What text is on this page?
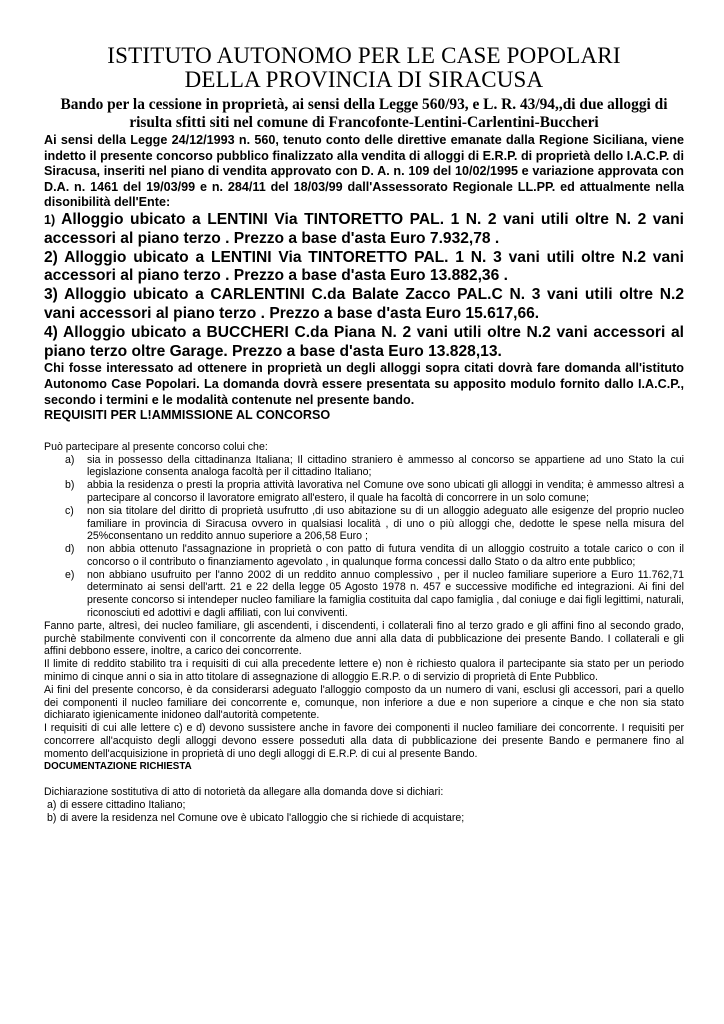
ISTITUTO AUTONOMO PER LE CASE POPOLARI
DELLA PROVINCIA DI SIRACUSA

Bando per la cessione in proprietà, ai sensi della Legge 560/93, e L. R. 43/94,,di due alloggi di risulta sfitti siti nel comune di Francofonte-Lentini-Carlentini-Buccheri

Ai sensi della Legge 24/12/1993 n. 560, tenuto conto delle direttive emanate dalla Regione Siciliana, viene indetto il presente concorso pubblico finalizzato alla vendita di alloggi di E.R.P. di proprietà dello I.A.C.P. di Siracusa, inseriti nel piano di vendita approvato con D. A. n. 109 del 10/02/1995 e variazione approvata con D.A. n. 1461 del 19/03/99 e n. 284/11 del 18/03/99 dall'Assessorato Regionale LL.PP. ed attualmente nella disonibilità dell'Ente:

1) Alloggio ubicato a LENTINI Via TINTORETTO PAL. 1 N. 2 vani utili oltre N. 2 vani accessori al piano terzo . Prezzo a base d'asta Euro 7.932,78 .

2) Alloggio ubicato a LENTINI Via TINTORETTO PAL. 1 N. 3 vani utili oltre N.2 vani accessori al piano terzo . Prezzo a base d'asta Euro 13.882,36 .

3) Alloggio ubicato a CARLENTINI C.da Balate Zacco PAL.C N. 3 vani utili oltre N.2 vani accessori al piano terzo . Prezzo a base d'asta Euro 15.617,66.

4) Alloggio ubicato a BUCCHERI C.da Piana N. 2 vani utili oltre N.2 vani accessori al piano terzo oltre Garage. Prezzo a base d'asta Euro 13.828,13.

Chi fosse interessato ad ottenere in proprietà un degli alloggi sopra citati dovrà fare domanda all'istituto Autonomo Case Popolari. La domanda dovrà essere presentata su apposito modulo fornito dallo I.A.C.P., secondo i termini e le modalità contenute nel presente bando.

REQUISITI PER L!AMMISSIONE AL CONCORSO

Può partecipare al presente concorso colui che:

a)	sia in possesso della cittadinanza Italiana; Il cittadino straniero è ammesso al concorso se appartiene ad uno Stato la cui legislazione consenta analoga facoltà per il cittadino Italiano;
b)	abbia la residenza o presti la propria attività lavorativa nel Comune ove sono ubicati gli alloggi in vendita; è ammesso altresì a partecipare al concorso il lavoratore emigrato all'estero, il quale ha facoltà di concorrere in un solo comune;
c)	non sia titolare del diritto di proprietà usufrutto ,di uso abitazione su di un alloggio adeguato alle esigenze del proprio nucleo familiare in provincia di Siracusa ovvero in qualsiasi località , di uno o più alloggi che, dedotte le spese nella misura del 25%consentano un reddito annuo superiore a 206,58 Euro ;
d)	non abbia ottenuto l'assagnazione in proprietà o con patto di futura vendita di un alloggio costruito a totale carico o con il concorso o il contributo o finanziamento agevolato , in qualunque forma concessi dallo Stato o da altro ente pubblico;
e)	non abbiano usufruito per l'anno 2002 di un reddito annuo complessivo , per il nucleo familiare superiore a Euro 11.762,71 determinato ai sensi dell'artt. 21 e 22 della legge 05 Agosto 1978 n. 457 e successive modifiche ed integrazioni. Ai fini del presente concorso si intendeper nucleo familiare la famiglia costituita dal capo famiglia , dal coniuge e dai figli legittimi, naturali, riconosciuti ed adottivi e dagli affiliati, con lui conviventi.

Fanno parte, altresì, dei nucleo familiare, gli ascendenti, i discendenti, i collaterali fino al terzo grado e gli affini fino al secondo grado, purchè stabilmente conviventi con il concorrente da almeno due anni alla data di pubblicazione dei presente Bando. I collaterali e gli affini debbono essere, inoltre, a carico dei concorrente.

Il limite di reddito stabilito tra i requisiti di cui alla precedente lettere e) non è richiesto qualora il partecipante sia stato per un periodo minimo di cinque anni o sia in atto titolare di assegnazione di alloggio E.R.P. o di servizio di proprietà di Ente Pubblico.

Ai fini del presente concorso, è da considerarsi adeguato l'alloggio composto da un numero di vani, esclusi gli accessori, pari a quello dei componenti il nucleo familiare dei concorrente e, comunque, non inferiore a due e non superiore a cinque e che non sia stato dichiarato igienicamente inidoneo dall'autorità competente.

I requisiti di cui alle lettere c) e d) devono sussistere anche in favore dei componenti il nucleo familiare dei concorrente. I requisiti per concorrere all'acquisto degli alloggi devono essere posseduti alla data di pubblicazione dei presente Bando e permanere fino al momento dell'acquisizione in proprietà di uno degli alloggi di E.R.P. di cui al presente Bando.

DOCUMENTAZIONE RICHIESTA

Dichiarazione sostitutiva di atto di notorietà da allegare alla domanda dove si dichiari:

a) di essere cittadino Italiano;
b) di avere la residenza nel Comune ove è ubicato l'alloggio che si richiede di acquistare;
